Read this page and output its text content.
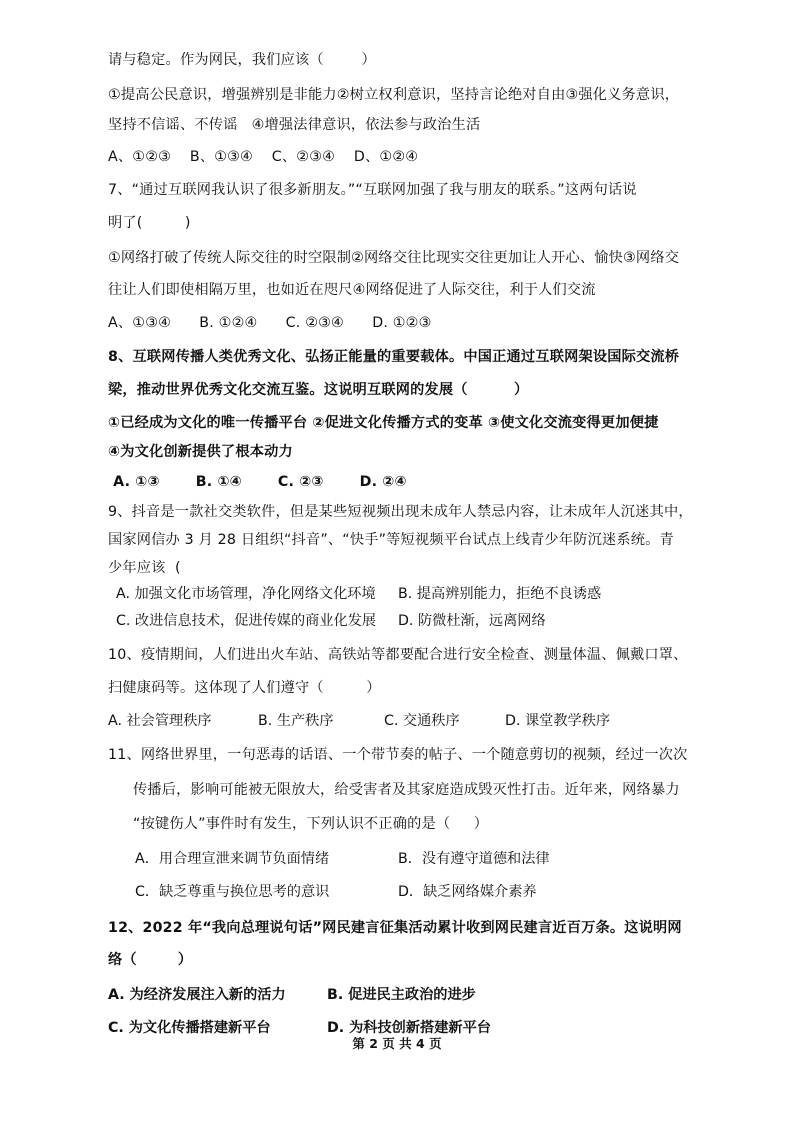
请与稳定。作为网民，我们应该（        ）
①提高公民意识，增强辨别是非能力②树立权利意识，坚持言论绝对自由③强化义务意识，
坚持不信谣、不传谣   ④增强法律意识，依法参与政治生活
A、①②③    B、①③④    C、②③④    D、①②④
7、“通过互联网我认识了很多新朋友。”“互联网加强了我与朋友的联系。”这两句话说
明了(         )
①网络打破了传统人际交往的时空限制②网络交往比现实交往更加让人开心、愉快③网络交
往让人们即使相隔万里，也如近在咫尺④网络促进了人际交往，利于人们交流
A、①③④      B. ①②④      C. ②③④      D. ①②③
8、互联网传播人类优秀文化、弘扬正能量的重要载体。中国正通过互联网架设国际交流桥
梁，推动世界优秀文化交流互鉴。这说明互联网的发展（         ）
①已经成为文化的唯一传播平台 ②促进文化传播方式的变革 ③使文化交流变得更加便捷
④为文化创新提供了根本动力
A. ①③       B. ①④       C. ②③       D. ②④
9、抖音是一款社交类软件，但是某些短视频出现未成年人禁忌内容，让未成年人沉迷其中，
国家网信办 3 月 28 日组织“抖音”、“快手”等短视频平台试点上线青少年防沉迷系统。青
少年应该  (
A. 加强文化市场管理，净化网络文化环境 B. 提高辨别能力，拒绝不良诱惑
C. 改进信息技术，促进传媒的商业化发展 D. 防微杜渐，远离网络
10、疫情期间，人们进出火车站、高铁站等都要配合进行安全检查、测量体温、佩戴口罩、
扫健康码等。这体现了人们遵守（         ）
A. 社会管理秩序	B. 生产秩序	C. 交通秩序	D. 课堂教学秩序
11、网络世界里，一句恶毒的话语、一个带节奏的帖子、一个随意剪切的视频，经过一次次
传播后，影响可能被无限放大，给受害者及其家庭造成毁灭性打击。近年来，网络暴力
“按键伤人”事件时有发生，下列认识不正确的是（     ）
A．用合理宣泄来调节负面情绪	B．没有遵守道德和法律
C．缺乏尊重与换位思考的意识	D．缺乏网络媒介素养
12、2022 年“我向总理说句话”网民建言征集活动累计收到网民建言近百万条。这说明网
络（        ）
A. 为经济发展注入新的活力	B. 促进民主政治的进步
C. 为文化传播搭建新平台	D. 为科技创新搭建新平台
第 2 页 共 4 页
